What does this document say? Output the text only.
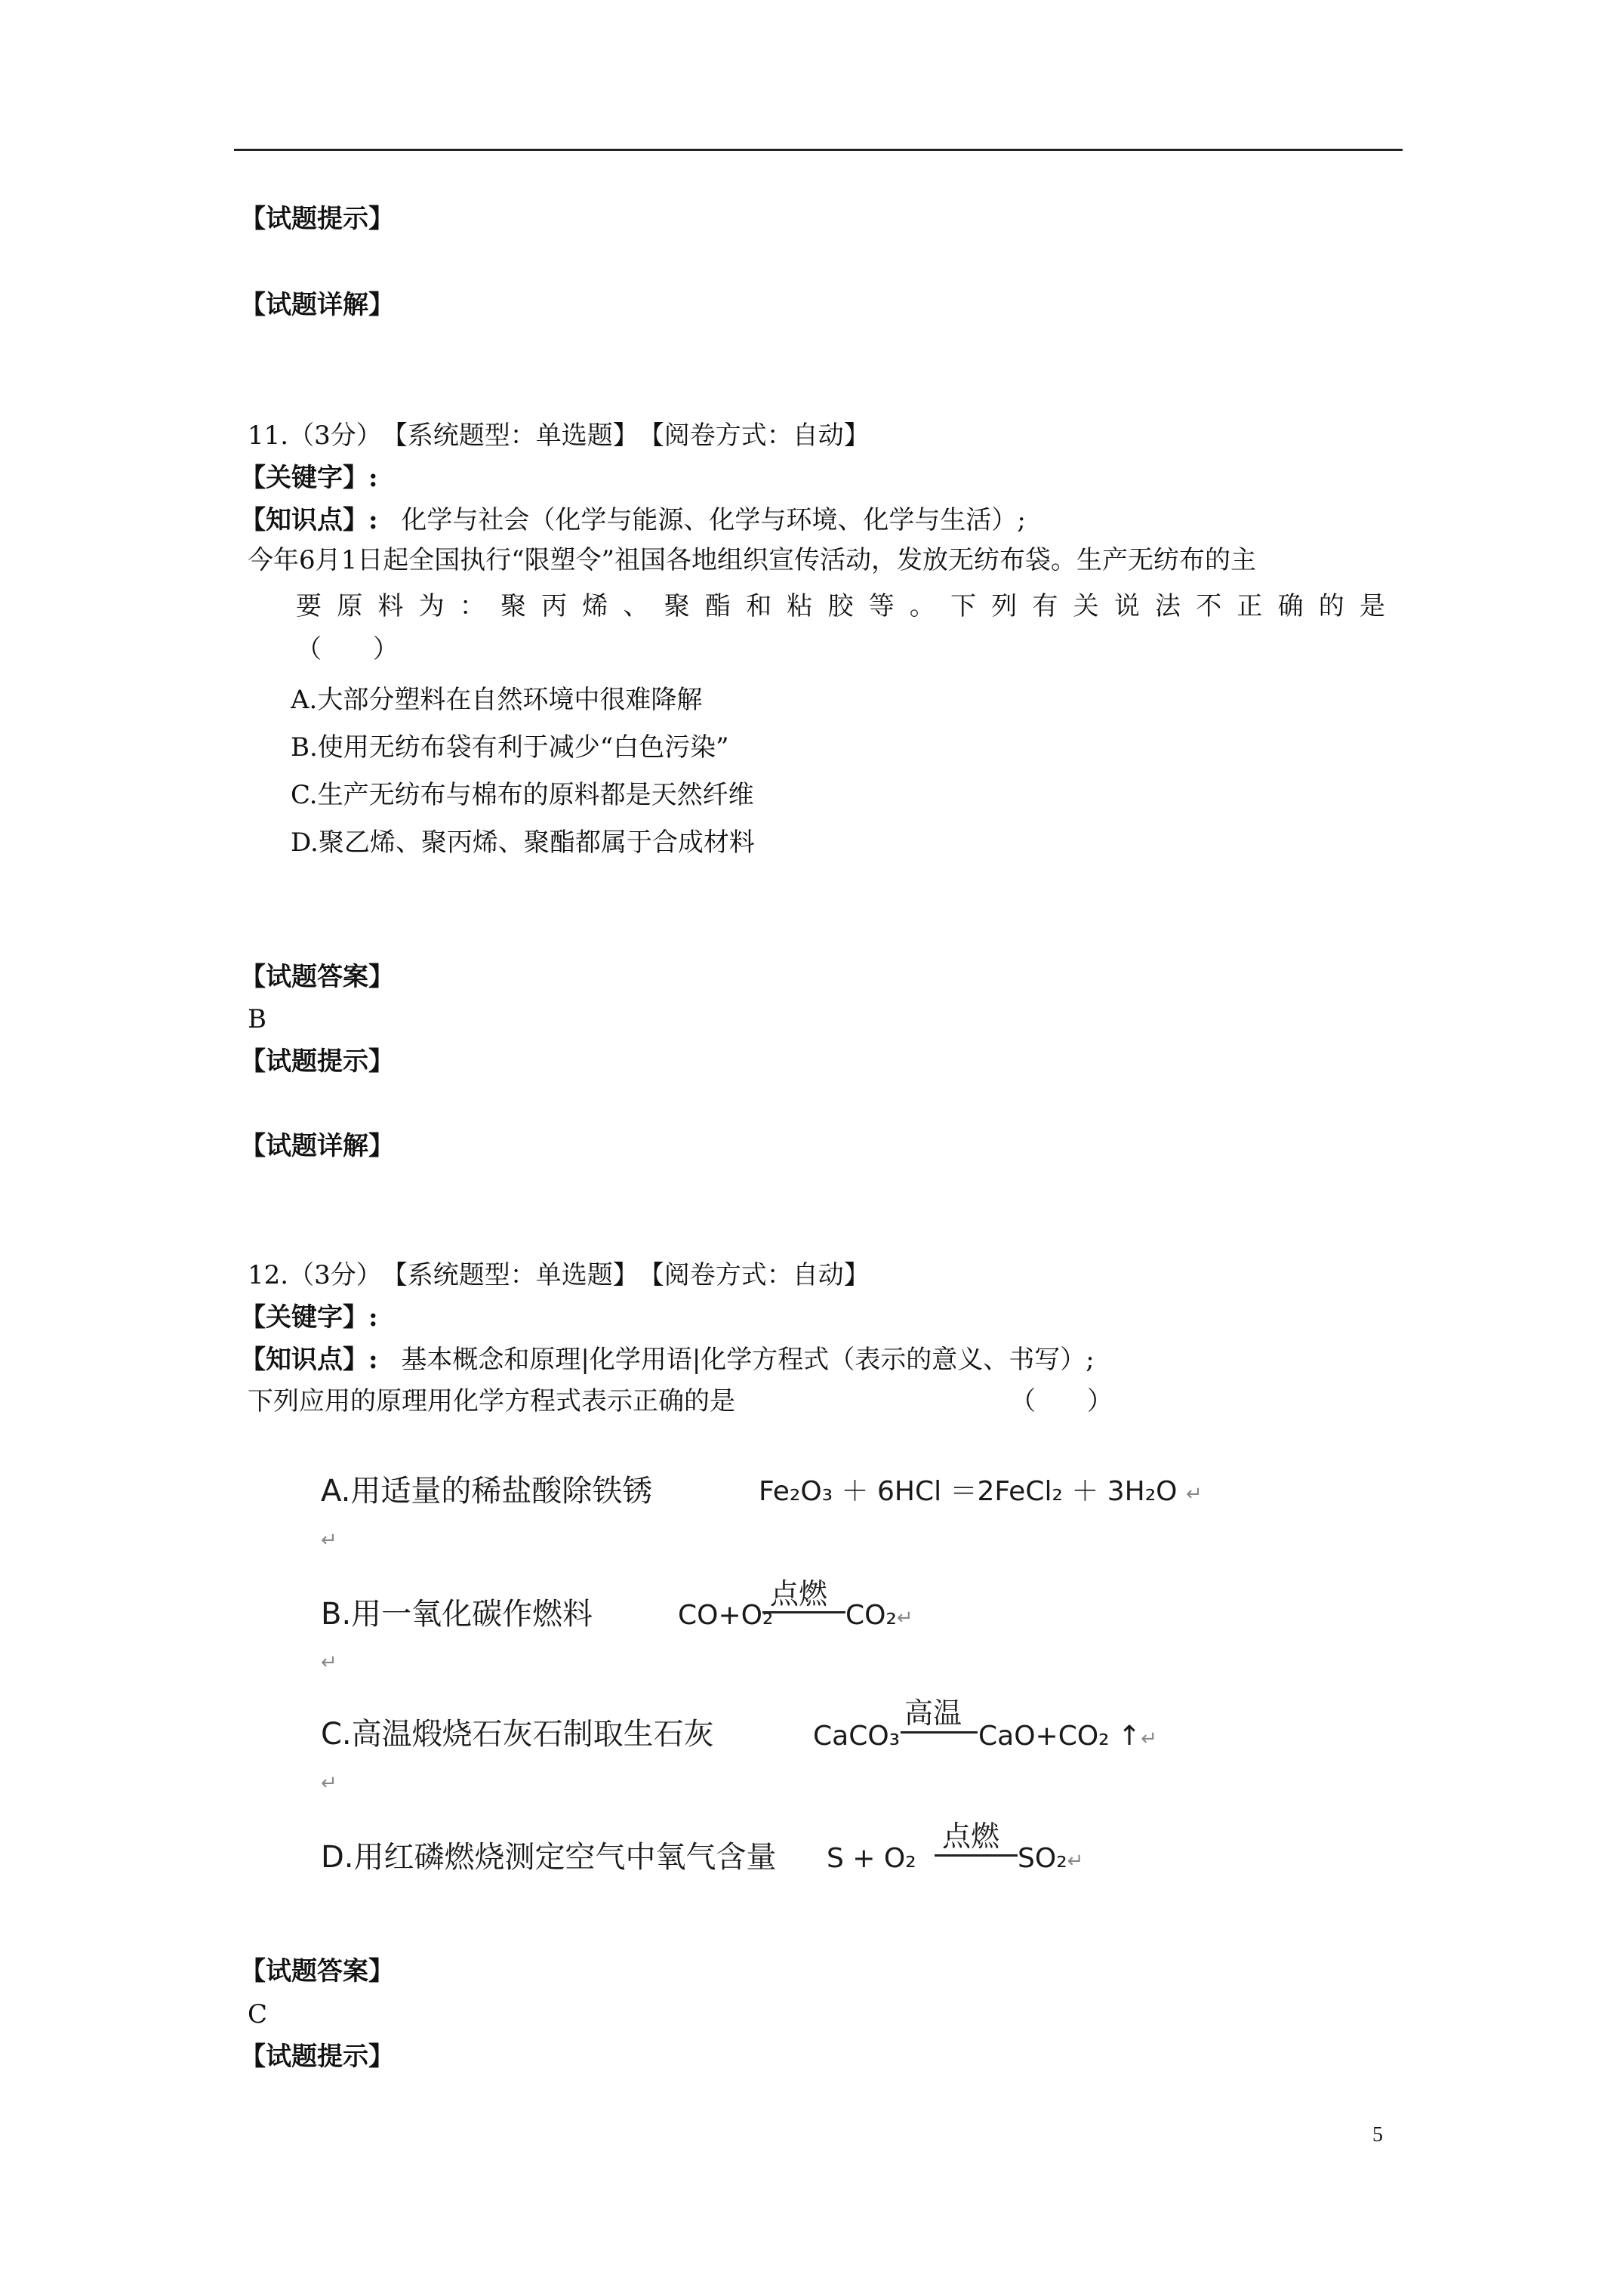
【试题提示】
【试题详解】
11.（3分）　【系统题型：单选题】　【阅卷方式：自动】
【关键字】:
【知识点】: 化学与社会（化学与能源、化学与环境、化学与生活）;
今年6月1日起全国执行“限塑令”祖国各地组织宣传活动，发放无纺布袋。生产无纺布的主
要原料为：聚丙烯、聚酯和粘胶等。下列有关说法不正确的是
（　　）
A.大部分塑料在自然环境中很难降解
B.使用无纺布袋有利于减少“白色污染”
C.生产无纺布与棉布的原料都是天然纤维
D.聚乙烯、聚丙烯、聚酯都属于合成材料
【试题答案】
B
【试题提示】
【试题详解】
12.（3分）　【系统题型：单选题】　【阅卷方式：自动】
【关键字】:
【知识点】: 基本概念和原理|化学用语|化学方程式（表示的意义、书写）;
下列应用的原理用化学方程式表示正确的是	（　　）
A.用适量的稀盐酸除铁锈	Fe₂O₃ ＋ 6HCl ＝2FeCl₂ ＋ 3H₂O ↵
↵
B.用一氧化碳作燃料	CO+O₂
点燃
CO₂↵
↵
C.高温煅烧石灰石制取生石灰	CaCO₃
高温
CaO+CO₂ ↑↵
↵
D.用红磷燃烧测定空气中氧气含量 S + O₂
点燃
SO₂↵
【试题答案】
C
【试题提示】
5
